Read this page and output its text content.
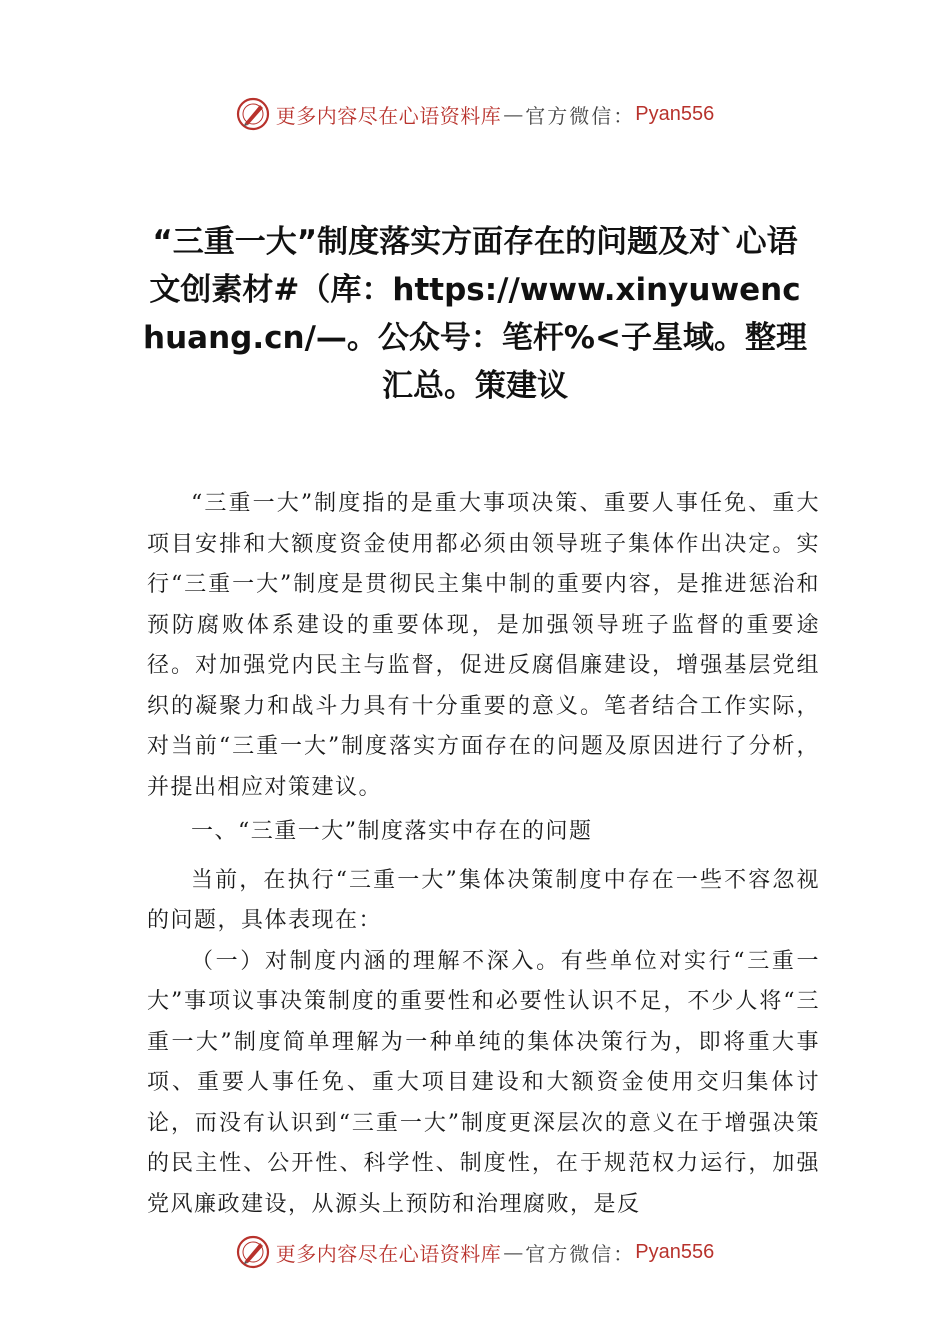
更多内容尽在心语资料库 — 官方微信： Pyan556
“三重一大”制度落实方面存在的问题及对`心语文创素材#（库：https://www.xinyuwenchuang.cn/—。公众号：笔杆%<子星域。整理汇总。策建议

“三重一大”制度指的是重大事项决策、重要人事任免、重大项目安排和大额度资金使用都必须由领导班子集体作出决定。实行“三重一大”制度是贯彻民主集中制的重要内容，是推进惩治和预防腐败体系建设的重要体现，是加强领导班子监督的重要途径。对加强党内民主与监督，促进反腐倡廉建设，增强基层党组织的凝聚力和战斗力具有十分重要的意义。笔者结合工作实际，对当前“三重一大”制度落实方面存在的问题及原因进行了分析，并提出相应对策建议。

一、“三重一大”制度落实中存在的问题

当前，在执行“三重一大”集体决策制度中存在一些不容忽视的问题，具体表现在：

（一）对制度内涵的理解不深入。有些单位对实行“三重一大”事项议事决策制度的重要性和必要性认识不足，不少人将“三重一大”制度简单理解为一种单纯的集体决策行为，即将重大事项、重要人事任免、重大项目建设和大额资金使用交归集体讨论，而没有认识到“三重一大”制度更深层次的意义在于增强决策的民主性、公开性、科学性、制度性，在于规范权力运行，加强党风廉政建设，从源头上预防和治理腐败，是反

更多内容尽在心语资料库 — 官方微信： Pyan556
